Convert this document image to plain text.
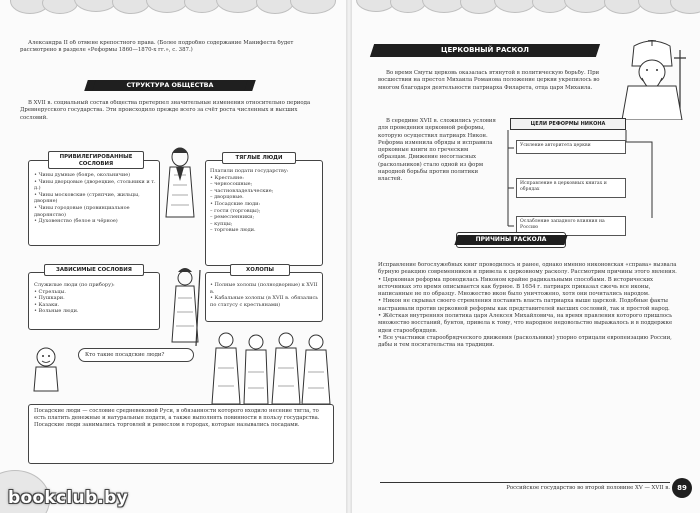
Александра II об отмене крепостного права. (Более подробно содержание Манифеста будет рассмотрено в разделе «Реформы 1860—1870-х гг.», с. 387.)

СТРУКТУРА ОБЩЕСТВА

В XVII в. социальный состав общества претерпел значительные изменения относительно периода Древнерусского государства. Эти происходило прежде всего за счёт роста численных и высших сословий.

ПРИВИЛЕГИРОВАННЫЕ СОСЛОВИЯ
• Чины думные (бояре, окольничие)
• Чины дворцовые (дворецкие, стольники и т. д.)
• Чины московские (стряпчие, жильцы, дворяне)
• Чины городовые (провинциальное дворянство)
• Духовенство (белое и чёрное)
ТЯГЛЫЕ ЛЮДИ
Платили подати государству:
• Крестьяне:
– черносошные;
– частновладельческие;
– дворцовые.
• Посадские люди:
– гости (торговцы);
– ремесленники;
– купцы;
– торговые люди.
ЗАВИСИМЫЕ СОСЛОВИЯ
Служилые люди (по прибору):
• Стрельцы.
• Пушкари.
• Казаки.
• Вольные люди.
ХОЛОПЫ
• Полные холопы (полнодворные) к XVII в.
• Кабальные холопы (в XVII в. обязались по статусу с крестьянами)
Кто такие посадские люди?
Посадские люди — сословие средневековой Руси, в обязанности которого входило несение тягла, то есть платить денежные и натуральные подати, а также выполнять повинности в пользу государства. Посадские люди занимались торговлей и ремеслом в городах, которые назывались посадами.
ЦЕРКОВНЫЙ РАСКОЛ

Во время Смуты церковь оказалась втянутой в политическую борьбу. При восшествии на престол Михаила Романова положение церкви укрепилось во многом благодаря деятельности патриарха Филарета, отца царя Михаила.

В середине XVII в. сложились условия для проведения церковной реформы, которую осуществил патриарх Никон. Реформа изменила обряды и исправила церковные книги по греческим образцам. Движение несогласных (раскольников) стало одной из форм народной борьбы против политики властей.

ЦЕЛИ РЕФОРМЫ НИКОНА
Усиление авторитета церкви
Исправление в церковных книгах и обрядах
Ослабление западного влияния на Россию
ПРИЧИНЫ РАСКОЛА
Исправление богослужебных книг проводилось и ранее, однако именно никоновская «справа» вызвала бурную реакцию современников и привела к церковному расколу. Рассмотрим причины этого явления.
• Церковная реформа проводилась Никоном крайне радикальными способами. В исторических источниках это время описывается как бурное. В 1654 г. патриарх приказал сжечь все иконы, написанные не по образцу. Множество икон было уничтожено, хотя они почитались народом.
• Никон не скрывал своего стремления поставить власть патриарха выше царской. Подобные факты настраивали против церковной реформы как представителей высших сословий, так и простой народ.
• Жёсткая внутренняя политика царя Алексея Михайловича, на время правления которого пришлось множество восстаний, бунтов, привела к тому, что народное недовольство выражалось и в поддержке идеи старообрядцев.
• Все участники старообрядческого движения (раскольники) упорно отрицали европеизацию России, дабы и тем посягательства на традиции.
Российское государство во второй половине XV — XVII в.	89
bookclub.by
